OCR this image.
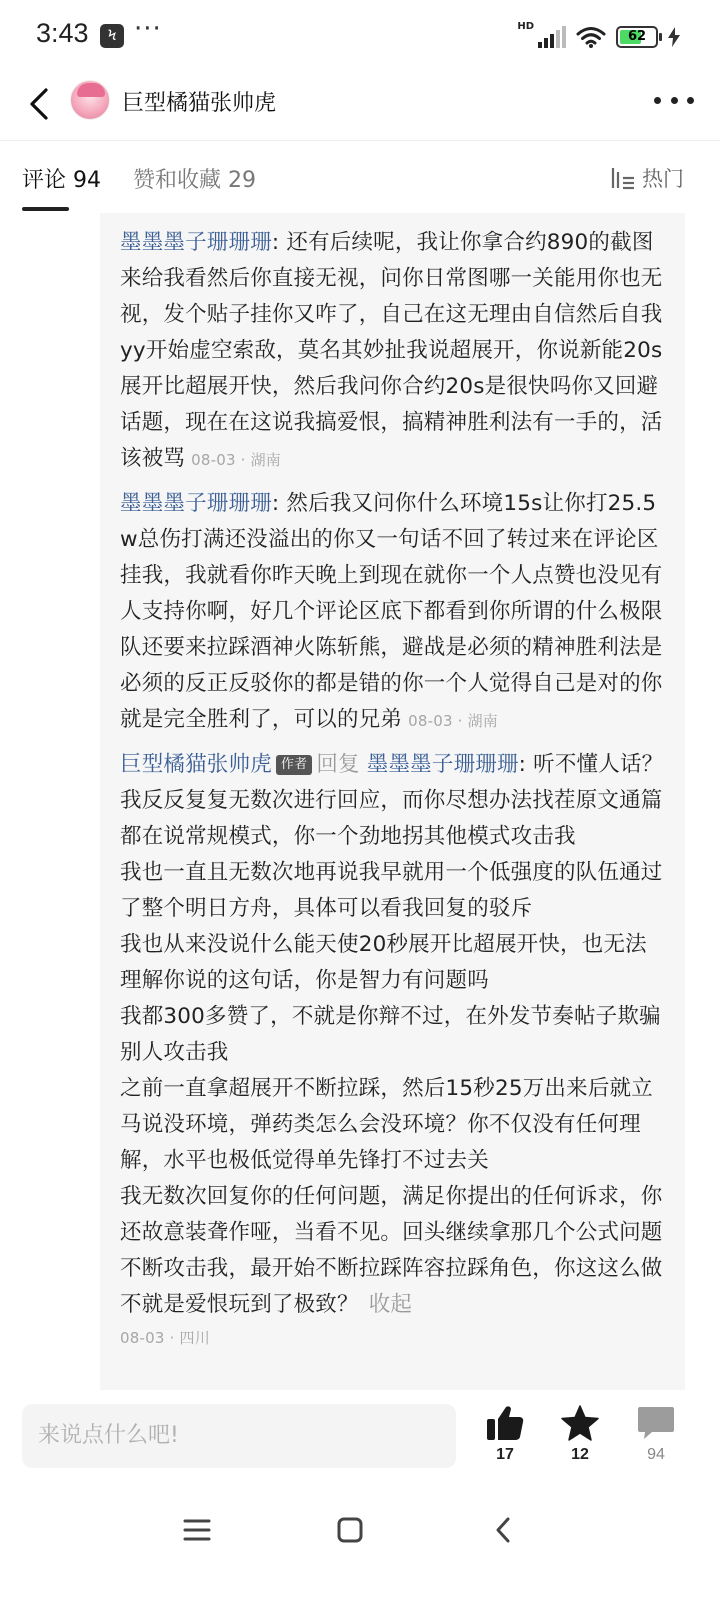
3:43	Ϟ ···	HD
62
巨型橘猫张帅虎
评论 94 赞和收藏 29	热门
墨墨墨子珊珊珊: 还有后续呢，我让你拿合约890的截图来给我看然后你直接无视，问你日常图哪一关能用你也无视，发个贴子挂你又咋了，自己在这无理由自信然后自我yy开始虚空索敌，莫名其妙扯我说超展开，你说新能20s展开比超展开快，然后我问你合约20s是很快吗你又回避话题，现在在这说我搞爱恨，搞精神胜利法有一手的，活该被骂 08-03 · 湖南
墨墨墨子珊珊珊: 然后我又问你什么环境15s让你打25.5w总伤打满还没溢出的你又一句话不回了转过来在评论区挂我，我就看你昨天晚上到现在就你一个人点赞也没见有人支持你啊，好几个评论区底下都看到你所谓的什么极限队还要来拉踩酒神火陈斩熊，避战是必须的精神胜利法是必须的反正反驳你的都是错的你一个人觉得自己是对的你就是完全胜利了，可以的兄弟 08-03 · 湖南

巨型橘猫张帅虎 作者 回复 墨墨墨子珊珊珊: 听不懂人话？我反反复复无数次进行回应，而你尽想办法找茬原文通篇都在说常规模式，你一个劲地拐其他模式攻击我

我也一直且无数次地再说我早就用一个低强度的队伍通过了整个明日方舟，具体可以看我回复的驳斥

我也从来没说什么能天使20秒展开比超展开快，也无法理解你说的这句话，你是智力有问题吗

我都300多赞了，不就是你辩不过，在外发节奏帖子欺骗别人攻击我

之前一直拿超展开不断拉踩，然后15秒25万出来后就立马说没环境，弹药类怎么会没环境？你不仅没有任何理解，水平也极低觉得单先锋打不过去关

我无数次回复你的任何问题，满足你提出的任何诉求，你还故意装聋作哑，当看不见。回头继续拿那几个公式问题不断攻击我，最开始不断拉踩阵容拉踩角色，你这这么做不就是爱恨玩到了极致？ 收起

08-03 · 四川
来说点什么吧!
17	12	94
